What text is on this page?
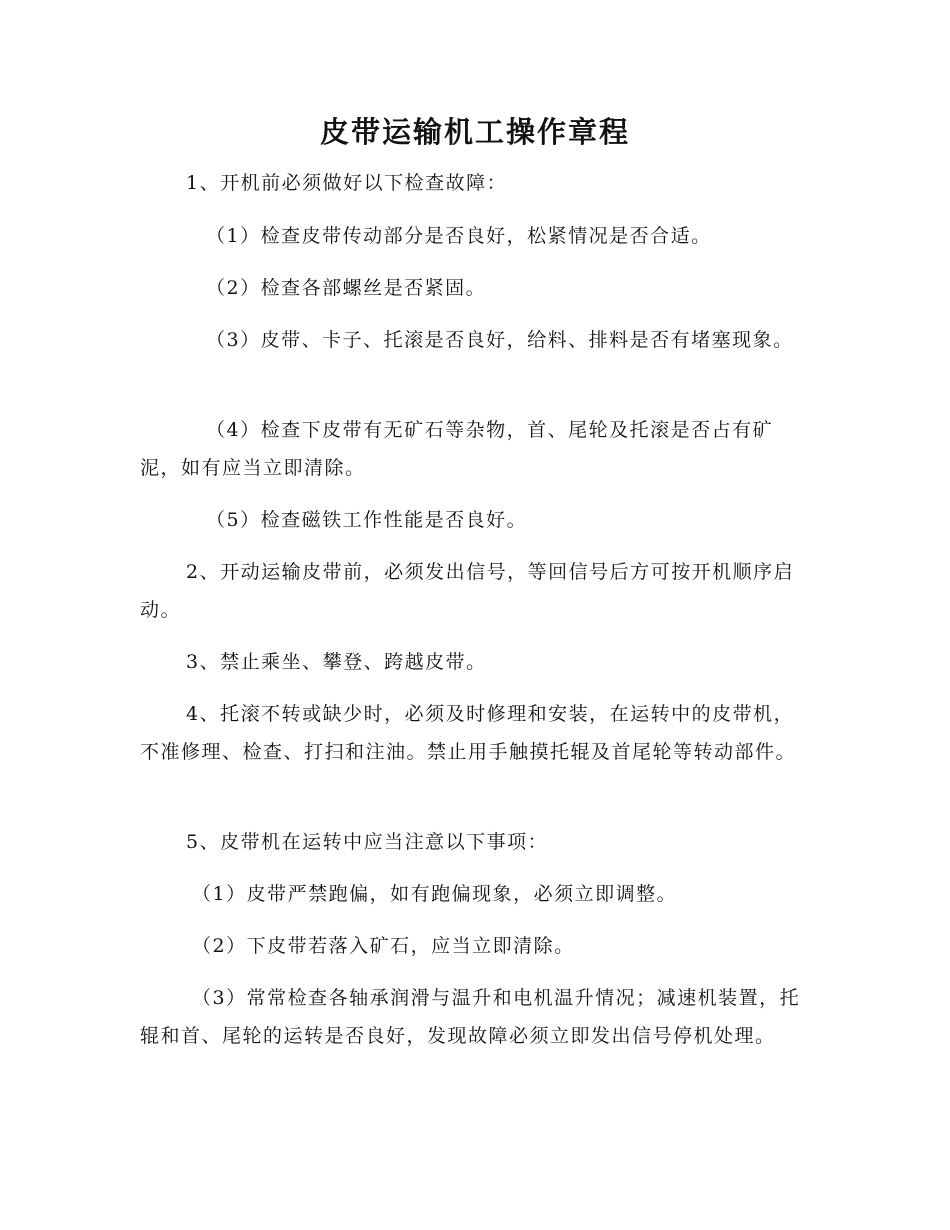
皮带运输机工操作章程

1、开机前必须做好以下检查故障：

（1）检查皮带传动部分是否良好，松紧情况是否合适。

（2）检查各部螺丝是否紧固。

（3）皮带、卡子、托滚是否良好，给料、排料是否有堵塞现象。

（4）检查下皮带有无矿石等杂物，首、尾轮及托滚是否占有矿泥，如有应当立即清除。

（5）检查磁铁工作性能是否良好。

2、开动运输皮带前，必须发出信号，等回信号后方可按开机顺序启动。

3、禁止乘坐、攀登、跨越皮带。

4、托滚不转或缺少时，必须及时修理和安装，在运转中的皮带机，不准修理、检查、打扫和注油。禁止用手触摸托辊及首尾轮等转动部件。

5、皮带机在运转中应当注意以下事项：

（1）皮带严禁跑偏，如有跑偏现象，必须立即调整。

（2）下皮带若落入矿石，应当立即清除。

（3）常常检查各轴承润滑与温升和电机温升情况；减速机装置，托辊和首、尾轮的运转是否良好，发现故障必须立即发出信号停机处理。
